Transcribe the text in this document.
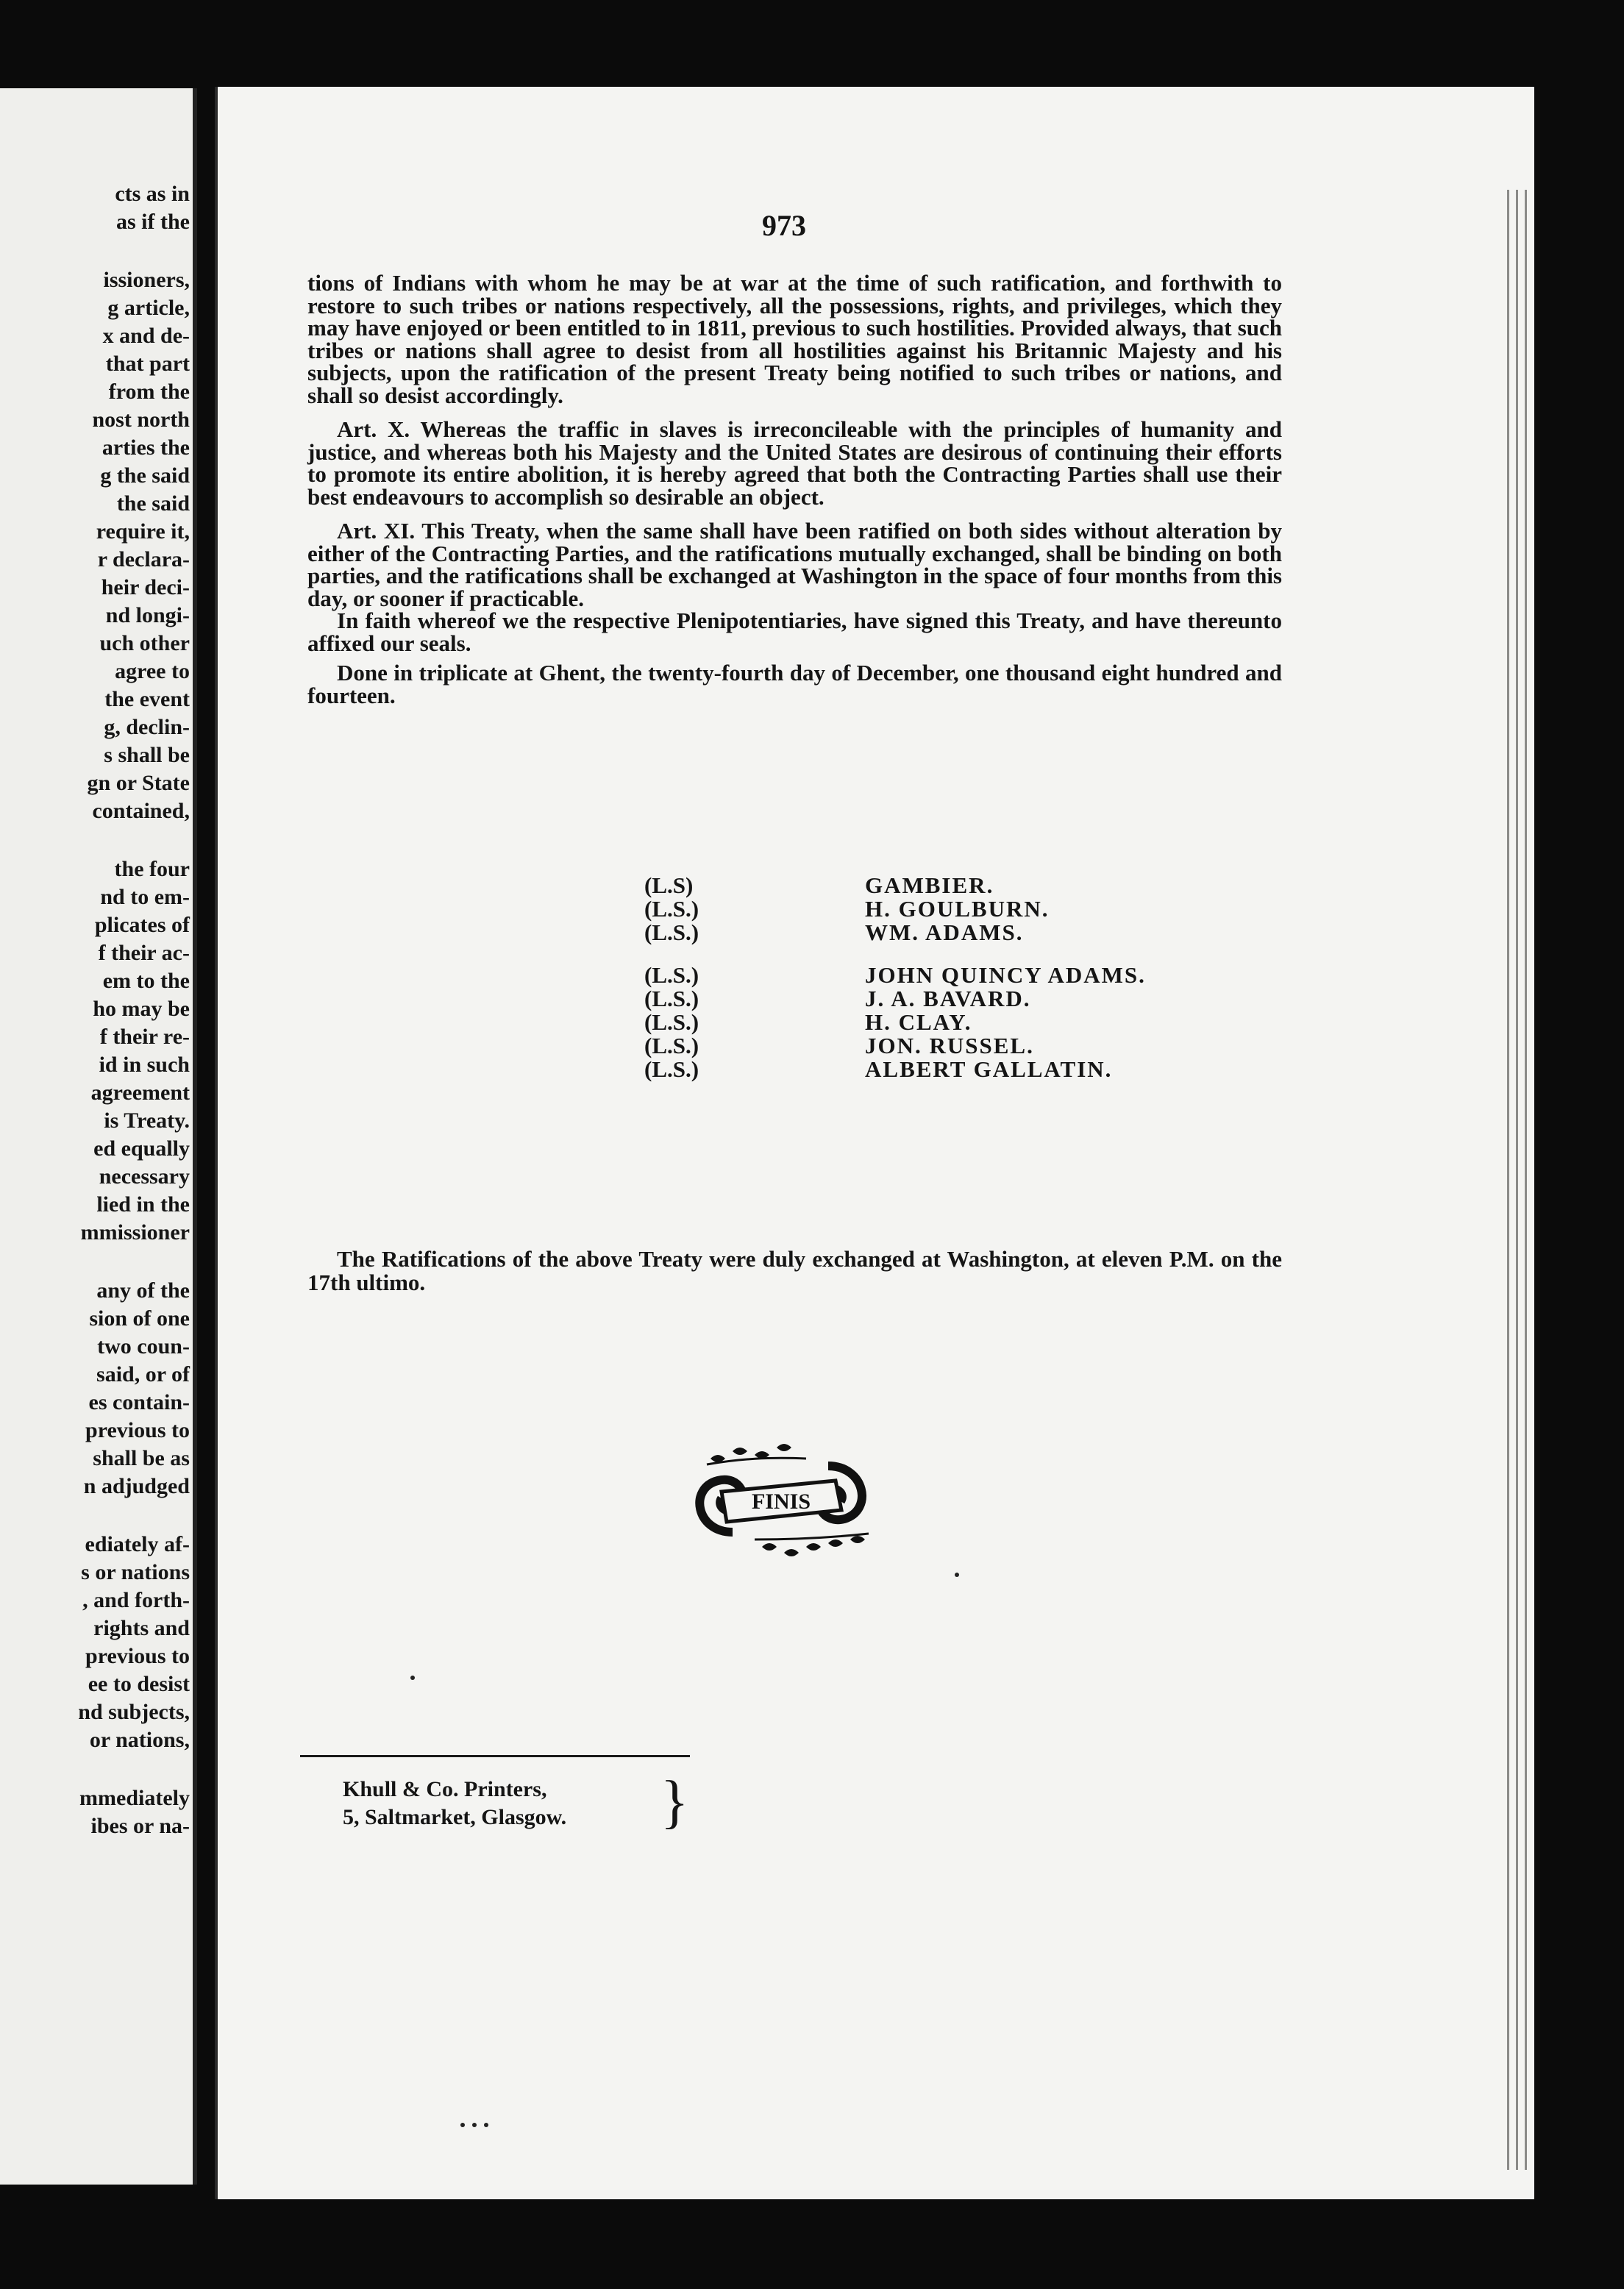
cts as in
as if the
issioners,
g article,
x and de-
that part
from the
nost north
arties the
g the said
the said
require it,
r declara-
heir deci-
nd longi-
uch other
agree to
the event
g, declin-
s shall be
gn or State
contained,
the four
nd to em-
plicates of
f their ac-
em to the
ho may be
f their re-
id in such
agreement
is Treaty.
ed equally
necessary
lied in the
mmissioner
any of the
sion of one
two coun-
said, or of
es contain-
previous to
shall be as
n adjudged
ediately af-
s or nations
, and forth-
rights and
previous to
ee to desist
nd subjects,
or nations,
mmediately
ibes or na-
973

tions of Indians with whom he may be at war at the time of such ratification, and forthwith to restore to such tribes or nations respectively, all the possessions, rights, and privileges, which they may have enjoyed or been entitled to in 1811, previous to such hostilities. Provided always, that such tribes or nations shall agree to desist from all hostilities against his Britannic Majesty and his subjects, upon the ratification of the present Treaty being notified to such tribes or nations, and shall so desist accordingly.

Art. X. Whereas the traffic in slaves is irreconcileable with the principles of humanity and justice, and whereas both his Majesty and the United States are desirous of continuing their efforts to promote its entire abolition, it is hereby agreed that both the Contracting Parties shall use their best endeavours to accomplish so desirable an object.

Art. XI. This Treaty, when the same shall have been ratified on both sides without alteration by either of the Contracting Parties, and the ratifications mutually exchanged, shall be binding on both parties, and the ratifications shall be exchanged at Washington in the space of four months from this day, or sooner if practicable.

In faith whereof we the respective Plenipotentiaries, have signed this Treaty, and have thereunto affixed our seals.

Done in triplicate at Ghent, the twenty-fourth day of December, one thousand eight hundred and fourteen.

(L.S)	GAMBIER.
(L.S.)	H. GOULBURN.
(L.S.)	WM. ADAMS.
(L.S.)	JOHN QUINCY ADAMS.
(L.S.)	J. A. BAVARD.
(L.S.)	H. CLAY.
(L.S.)	JON. RUSSEL.
(L.S.)	ALBERT GALLATIN.
The Ratifications of the above Treaty were duly exchanged at Washington, at eleven P.M. on the 17th ultimo.
FINIS
Khull & Co. Printers,
5, Saltmarket, Glasgow. }
